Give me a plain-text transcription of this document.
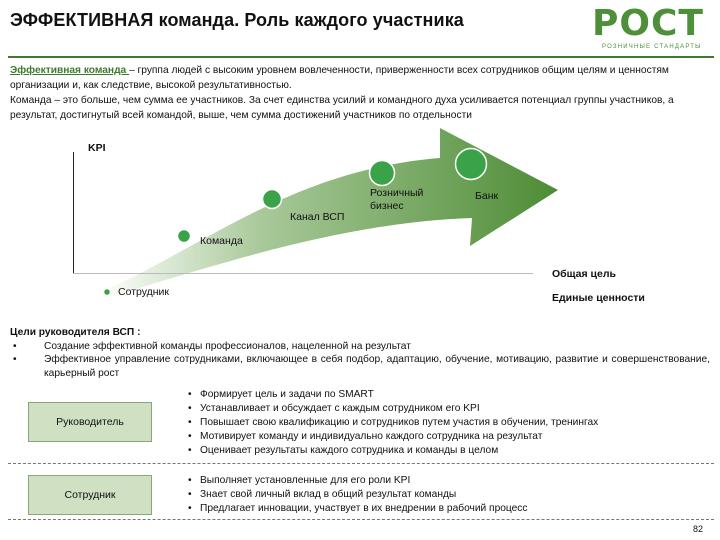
ЭФФЕКТИВНАЯ команда. Роль каждого участника	РОСТ
РОЗНИЧНЫЕ СТАНДАРТЫ

Эффективная команда – группа людей с высоким уровнем вовлеченности, приверженности всех сотрудников общим целям и ценностям организации и, как следствие, высокой результативностью.

Команда – это больше, чем сумма ее участников. За счет единства усилий и командного духа усиливается потенциал группы участников, а результат, достигнутый всей командой, выше, чем сумма достижений участников по отдельности

KPI
Сотрудник
Команда
Канал ВСП
Розничный бизнес
Банк
Общая цель
Единые ценности
Цели руководителя ВСП :
• Создание эффективной команды профессионалов, нацеленной на результат
• Эффективное управление сотрудниками, включающее в себя подбор, адаптацию, обучение, мотивацию, развитие и совершенствование, карьерный рост
Руководитель
• Формирует цель и задачи по SMART
• Устанавливает и обсуждает с каждым сотрудником его KPI
• Повышает свою квалификацию и сотрудников путем участия в обучении, тренингах
• Мотивирует команду и индивидуально каждого сотрудника на результат
• Оценивает результаты каждого сотрудника и команды в целом
Сотрудник
• Выполняет установленные для его роли KPI
• Знает свой личный вклад в общий результат команды
• Предлагает инновации, участвует в их внедрении в рабочий процесс
82
